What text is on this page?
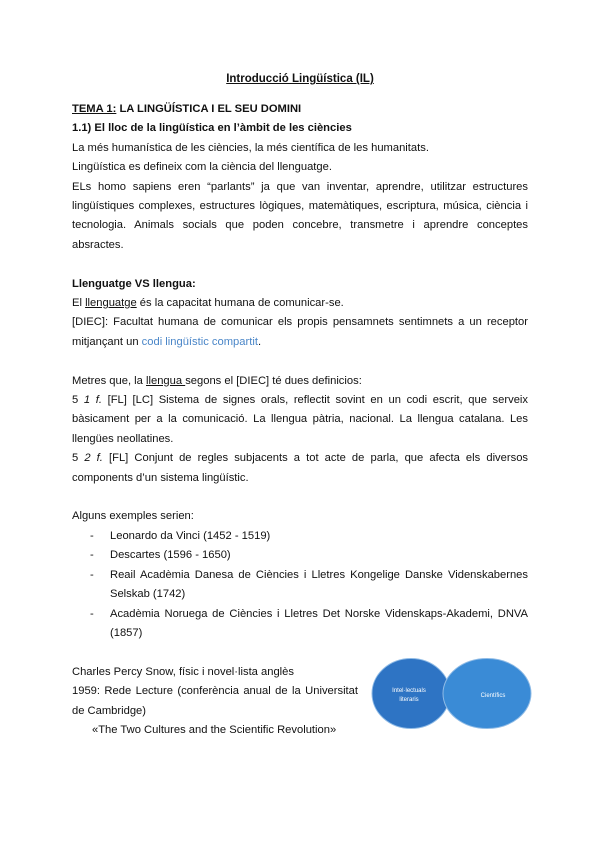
Introducció Lingüística (IL)

TEMA 1: LA LINGÜÍSTICA I EL SEU DOMINI

1.1) El lloc de la lingüística en l’àmbit de les ciències

La més humanística de les ciències, la més científica de les humanitats.

Lingüística es defineix com la ciència del llenguatge.

ELs homo sapiens eren “parlants” ja que van inventar, aprendre, utilitzar estructures lingüístiques complexes, estructures lògiques, matemàtiques, escriptura, música, ciència i tecnologia. Animals socials que poden concebre, transmetre i aprendre conceptes absractes.

Llenguatge VS llengua:

El llenguatge és la capacitat humana de comunicar-se.

[DIEC]: Facultat humana de comunicar els propis pensamnets sentimnets a un receptor mitjançant un codi lingüístic compartit.

Metres que, la llengua segons el [DIEC] té dues definicios:

5 1 f. [FL] [LC] Sistema de signes orals, reflectit sovint en un codi escrit, que serveix bàsicament per a la comunicació. La llengua pàtria, nacional. La llengua catalana. Les llengües neollatines.

5 2 f. [FL] Conjunt de regles subjacents a tot acte de parla, que afecta els diversos components d’un sistema lingüístic.

Alguns exemples serien:

- Leonardo da Vinci (1452 - 1519)
- Descartes (1596 - 1650)
- Reail Acadèmia Danesa de Ciències i Lletres Kongelige Danske Videnskabernes Selskab (1742)
- Acadèmia Noruega de Ciències i Lletres Det Norske Videnskaps-Akademi, DNVA (1857)

Charles Percy Snow, físic i novel·lista anglès

1959: Rede Lecture (conferència anual de la Universitat de Cambridge)

«The Two Cultures and the Scientific Revolution»

Intel·lectuals
literaris
Científics
